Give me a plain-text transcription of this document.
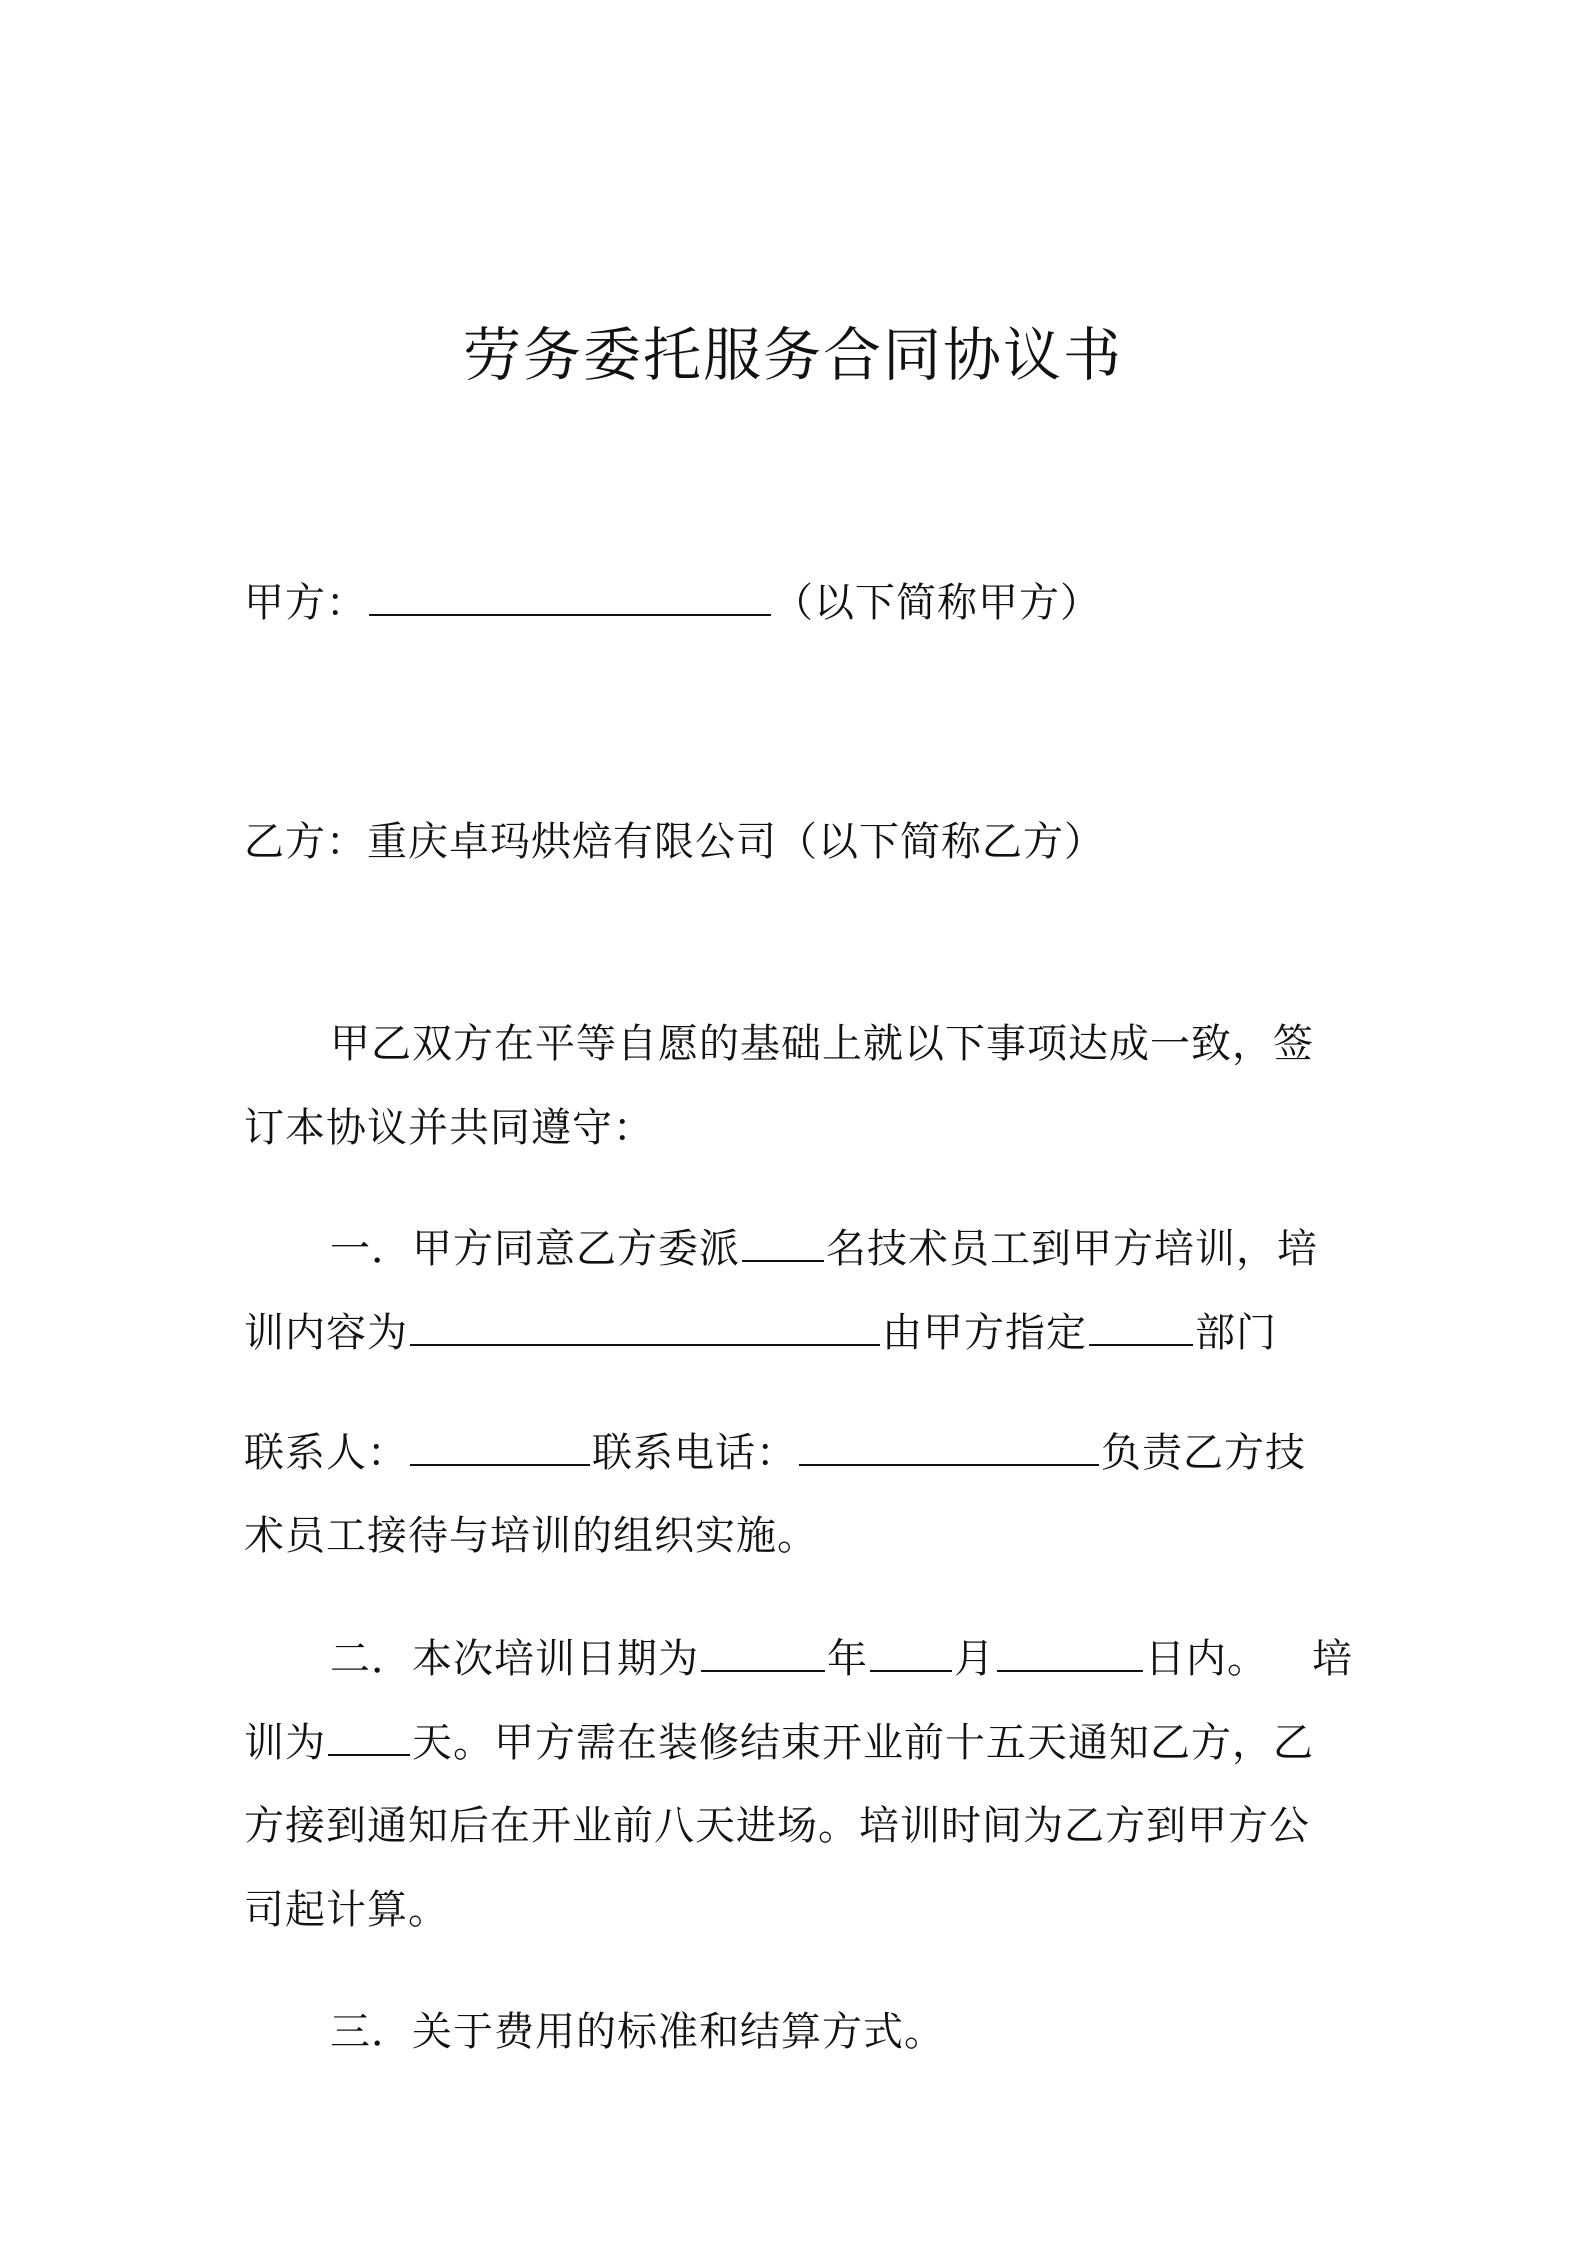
劳务委托服务合同协议书
甲方：	（以下简称甲方）
乙方：重庆卓玛烘焙有限公司（以下简称乙方）
甲乙双方在平等自愿的基础上就以下事项达成一致，签
订本协议并共同遵守：
一．甲方同意乙方委派 名技术员工到甲方培训，培
训内容为	由甲方指定	部门
联系人：	联系电话：	负责乙方技
术员工接待与培训的组织实施。
二．本次培训日期为	年 月	日内。 培
训为 天。甲方需在装修结束开业前十五天通知乙方，乙
方接到通知后在开业前八天进场。培训时间为乙方到甲方公
司起计算。
三．关于费用的标准和结算方式。
